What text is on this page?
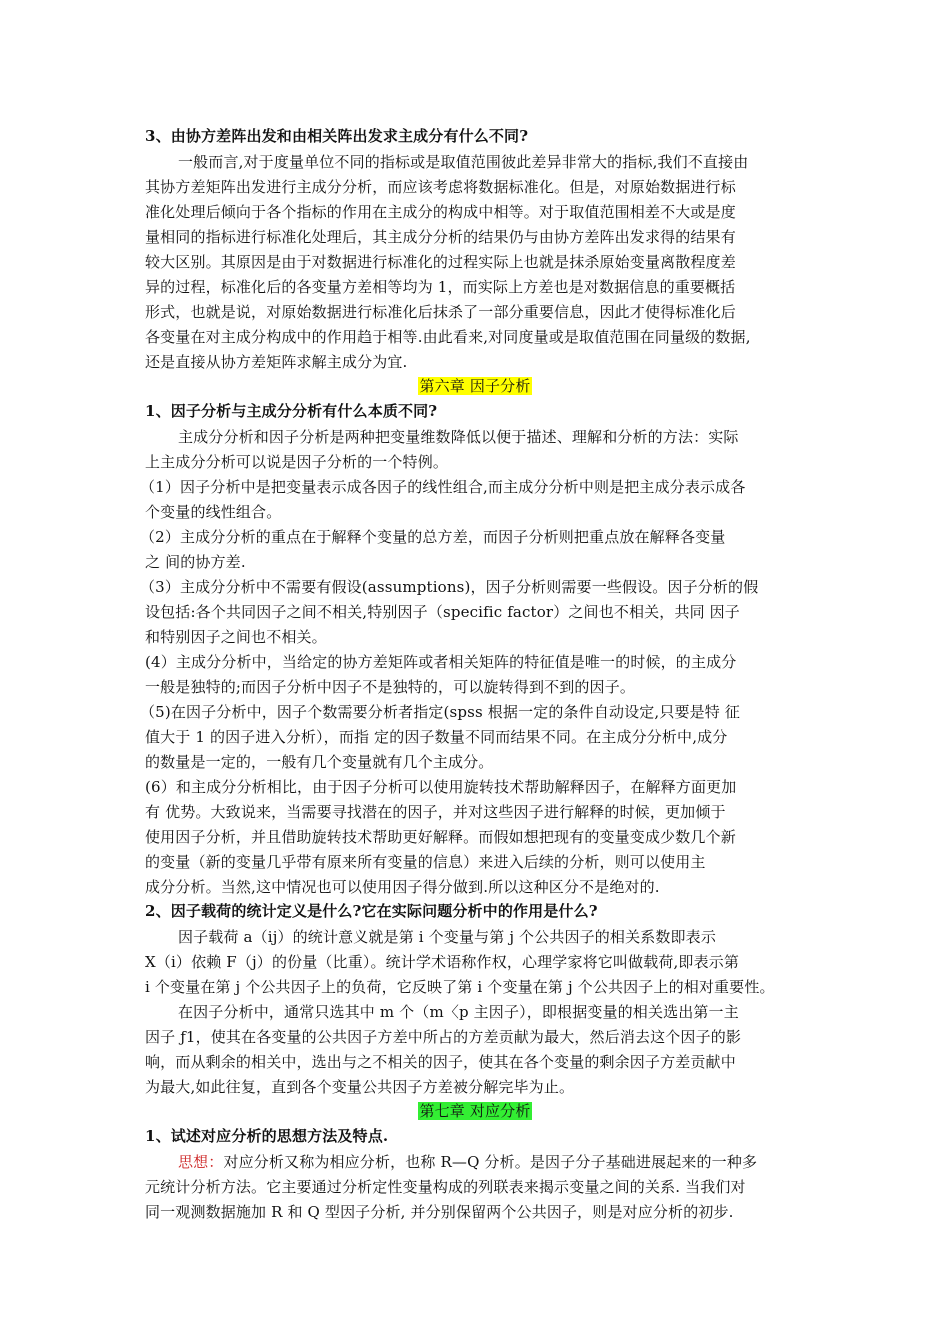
3、由协方差阵出发和由相关阵出发求主成分有什么不同?
一般而言,对于度量单位不同的指标或是取值范围彼此差异非常大的指标,我们不直接由
其协方差矩阵出发进行主成分分析，而应该考虑将数据标准化。但是，对原始数据进行标
准化处理后倾向于各个指标的作用在主成分的构成中相等。对于取值范围相差不大或是度
量相同的指标进行标准化处理后，其主成分分析的结果仍与由协方差阵出发求得的结果有
较大区别。其原因是由于对数据进行标准化的过程实际上也就是抹杀原始变量离散程度差
异的过程，标准化后的各变量方差相等均为 1，而实际上方差也是对数据信息的重要概括
形式，也就是说，对原始数据进行标准化后抹杀了一部分重要信息，因此才使得标准化后
各变量在对主成分构成中的作用趋于相等.由此看来,对同度量或是取值范围在同量级的数据,
还是直接从协方差矩阵求解主成分为宜.
第六章 因子分析
1、因子分析与主成分分析有什么本质不同?
主成分分析和因子分析是两种把变量维数降低以便于描述、理解和分析的方法：实际
上主成分分析可以说是因子分析的一个特例。
（1）因子分析中是把变量表示成各因子的线性组合,而主成分分析中则是把主成分表示成各
个变量的线性组合。
（2）主成分分析的重点在于解释个变量的总方差，而因子分析则把重点放在解释各变量
之 间的协方差.
（3）主成分分析中不需要有假设(assumptions)，因子分析则需要一些假设。因子分析的假
设包括:各个共同因子之间不相关,特别因子（specific factor）之间也不相关，共同 因子
和特别因子之间也不相关。
(4）主成分分析中，当给定的协方差矩阵或者相关矩阵的特征值是唯一的时候，的主成分
一般是独特的;而因子分析中因子不是独特的，可以旋转得到不到的因子。
（5)在因子分析中，因子个数需要分析者指定(spss 根据一定的条件自动设定,只要是特 征
值大于 1 的因子进入分析），而指 定的因子数量不同而结果不同。在主成分分析中,成分
的数量是一定的，一般有几个变量就有几个主成分。
(6）和主成分分析相比，由于因子分析可以使用旋转技术帮助解释因子，在解释方面更加
有 优势。大致说来，当需要寻找潜在的因子，并对这些因子进行解释的时候，更加倾于
使用因子分析，并且借助旋转技术帮助更好解释。而假如想把现有的变量变成少数几个新
的变量（新的变量几乎带有原来所有变量的信息）来进入后续的分析，则可以使用主
成分分析。当然,这中情况也可以使用因子得分做到.所以这种区分不是绝对的.
2、因子载荷的统计定义是什么?它在实际问题分析中的作用是什么?
因子载荷 a（ij）的统计意义就是第 i 个变量与第 j 个公共因子的相关系数即表示
X（i）依赖 F（j）的份量（比重）。统计学术语称作权，心理学家将它叫做载荷,即表示第
i 个变量在第 j 个公共因子上的负荷，它反映了第 i 个变量在第 j 个公共因子上的相对重要性。
在因子分析中，通常只选其中 m 个（m〈p 主因子），即根据变量的相关选出第一主
因子 ƒ1，使其在各变量的公共因子方差中所占的方差贡献为最大，然后消去这个因子的影
响，而从剩余的相关中，选出与之不相关的因子，使其在各个变量的剩余因子方差贡献中
为最大,如此往复，直到各个变量公共因子方差被分解完毕为止。
第七章 对应分析
1、试述对应分析的思想方法及特点.
思想：对应分析又称为相应分析，也称 R—Q 分析。是因子分子基础进展起来的一种多
元统计分析方法。它主要通过分析定性变量构成的列联表来揭示变量之间的关系. 当我们对
同一观测数据施加 R 和 Q 型因子分析, 并分别保留两个公共因子，则是对应分析的初步.
